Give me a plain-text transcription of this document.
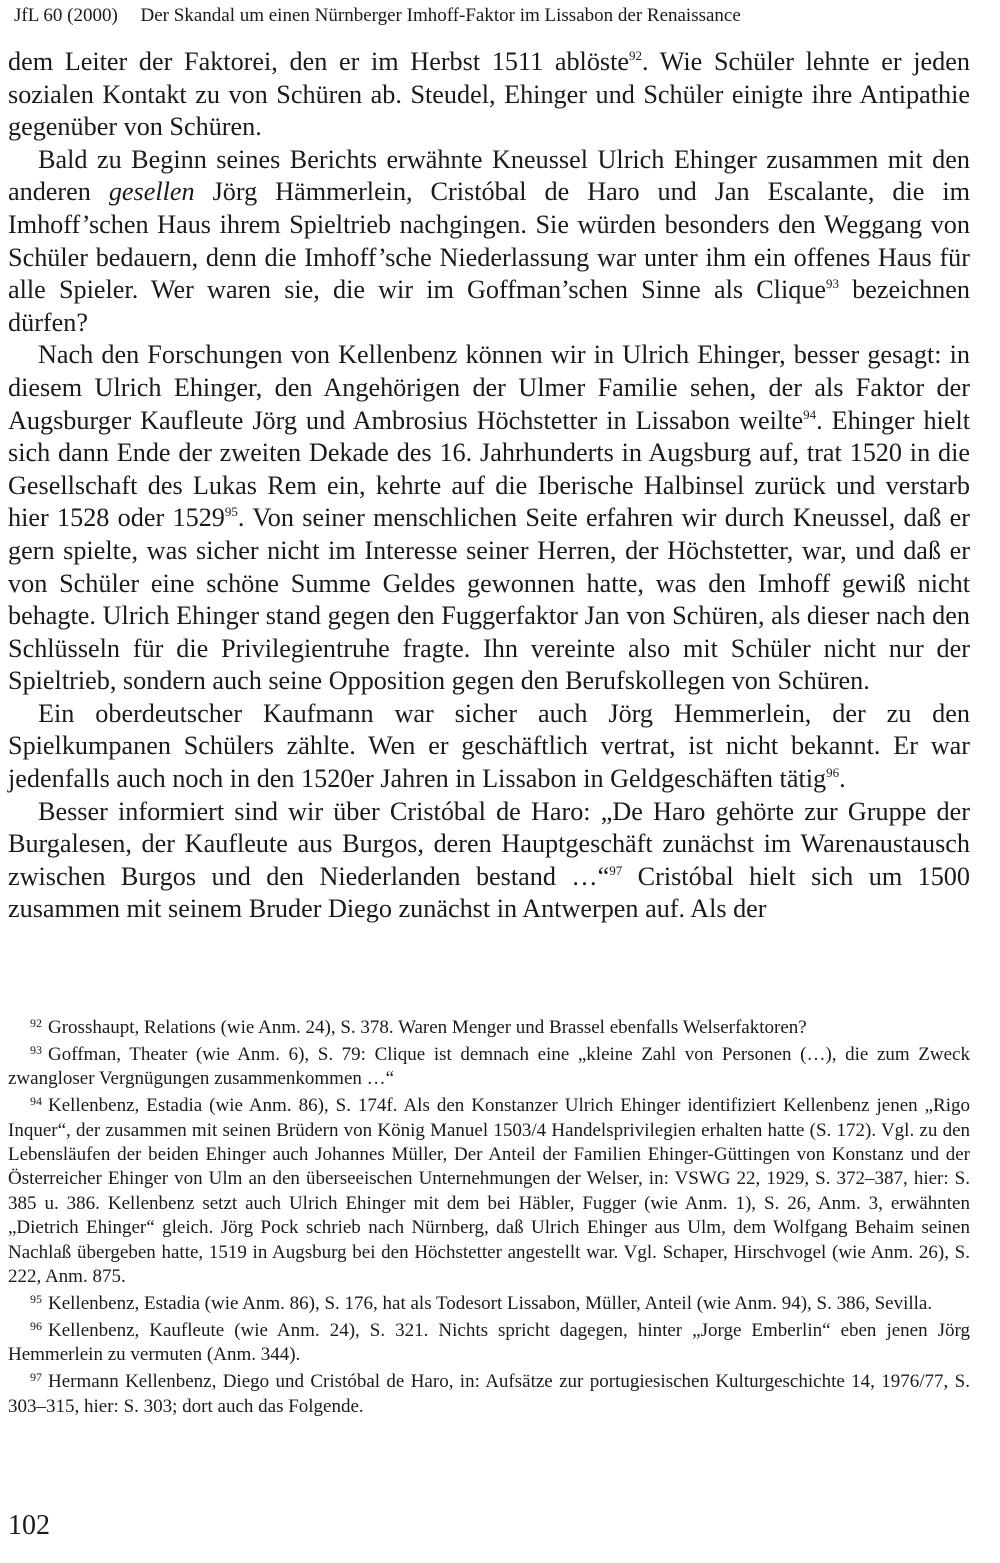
JfL 60 (2000) Der Skandal um einen Nürnberger Imhoff-Faktor im Lissabon der Renaissance

dem Leiter der Faktorei, den er im Herbst 1511 ablöste$^{92}$. Wie Schüler lehnte er jeden sozialen Kontakt zu von Schüren ab. Steudel, Ehinger und Schüler einigte ihre Antipathie gegenüber von Schüren.

Bald zu Beginn seines Berichts erwähnte Kneussel Ulrich Ehinger zusammen mit den anderen gesellen Jörg Hämmerlein, Cristóbal de Haro und Jan Escalante, die im Imhoff’schen Haus ihrem Spieltrieb nachgingen. Sie würden besonders den Weggang von Schüler bedauern, denn die Imhoff’sche Niederlassung war unter ihm ein offenes Haus für alle Spieler. Wer waren sie, die wir im Goffman’schen Sinne als Clique$^{93}$ bezeichnen dürfen?

Nach den Forschungen von Kellenbenz können wir in Ulrich Ehinger, besser gesagt: in diesem Ulrich Ehinger, den Angehörigen der Ulmer Familie sehen, der als Faktor der Augsburger Kaufleute Jörg und Ambrosius Höchstetter in Lissabon weilte$^{94}$. Ehinger hielt sich dann Ende der zweiten Dekade des 16. Jahrhunderts in Augsburg auf, trat 1520 in die Gesellschaft des Lukas Rem ein, kehrte auf die Iberische Halbinsel zurück und verstarb hier 1528 oder 1529$^{95}$. Von seiner menschlichen Seite erfahren wir durch Kneussel, daß er gern spielte, was sicher nicht im Interesse seiner Herren, der Höchstetter, war, und daß er von Schüler eine schöne Summe Geldes gewonnen hatte, was den Imhoff gewiß nicht behagte. Ulrich Ehinger stand gegen den Fuggerfaktor Jan von Schüren, als dieser nach den Schlüsseln für die Privilegientruhe fragte. Ihn vereinte also mit Schüler nicht nur der Spieltrieb, sondern auch seine Opposition gegen den Berufskollegen von Schüren.

Ein oberdeutscher Kaufmann war sicher auch Jörg Hemmerlein, der zu den Spielkumpanen Schülers zählte. Wen er geschäftlich vertrat, ist nicht bekannt. Er war jedenfalls auch noch in den 1520er Jahren in Lissabon in Geldgeschäften tätig$^{96}$.

Besser informiert sind wir über Cristóbal de Haro: „De Haro gehörte zur Gruppe der Burgalesen, der Kaufleute aus Burgos, deren Hauptgeschäft zunächst im Warenaustausch zwischen Burgos und den Niederlanden bestand …“$^{97}$ Cristóbal hielt sich um 1500 zusammen mit seinem Bruder Diego zunächst in Antwerpen auf. Als der

$^{92}$ Grosshaupt, Relations (wie Anm. 24), S. 378. Waren Menger und Brassel ebenfalls Welserfaktoren?

$^{93}$ Goffman, Theater (wie Anm. 6), S. 79: Clique ist demnach eine „kleine Zahl von Personen (…), die zum Zweck zwangloser Vergnügungen zusammenkommen …“

$^{94}$ Kellenbenz, Estadia (wie Anm. 86), S. 174f. Als den Konstanzer Ulrich Ehinger identifiziert Kellenbenz jenen „Rigo Inquer“, der zusammen mit seinen Brüdern von König Manuel 1503/4 Handelsprivilegien erhalten hatte (S. 172). Vgl. zu den Lebensläufen der beiden Ehinger auch Johannes Müller, Der Anteil der Familien Ehinger-Güttingen von Konstanz und der Österreicher Ehinger von Ulm an den überseeischen Unternehmungen der Welser, in: VSWG 22, 1929, S. 372–387, hier: S. 385 u. 386. Kellenbenz setzt auch Ulrich Ehinger mit dem bei Häbler, Fugger (wie Anm. 1), S. 26, Anm. 3, erwähnten „Dietrich Ehinger“ gleich. Jörg Pock schrieb nach Nürnberg, daß Ulrich Ehinger aus Ulm, dem Wolfgang Behaim seinen Nachlaß übergeben hatte, 1519 in Augsburg bei den Höchstetter angestellt war. Vgl. Schaper, Hirschvogel (wie Anm. 26), S. 222, Anm. 875.

$^{95}$ Kellenbenz, Estadia (wie Anm. 86), S. 176, hat als Todesort Lissabon, Müller, Anteil (wie Anm. 94), S. 386, Sevilla.

$^{96}$ Kellenbenz, Kaufleute (wie Anm. 24), S. 321. Nichts spricht dagegen, hinter „Jorge Emberlin“ eben jenen Jörg Hemmerlein zu vermuten (Anm. 344).

$^{97}$ Hermann Kellenbenz, Diego und Cristóbal de Haro, in: Aufsätze zur portugiesischen Kulturgeschichte 14, 1976/77, S. 303–315, hier: S. 303; dort auch das Folgende.

102
